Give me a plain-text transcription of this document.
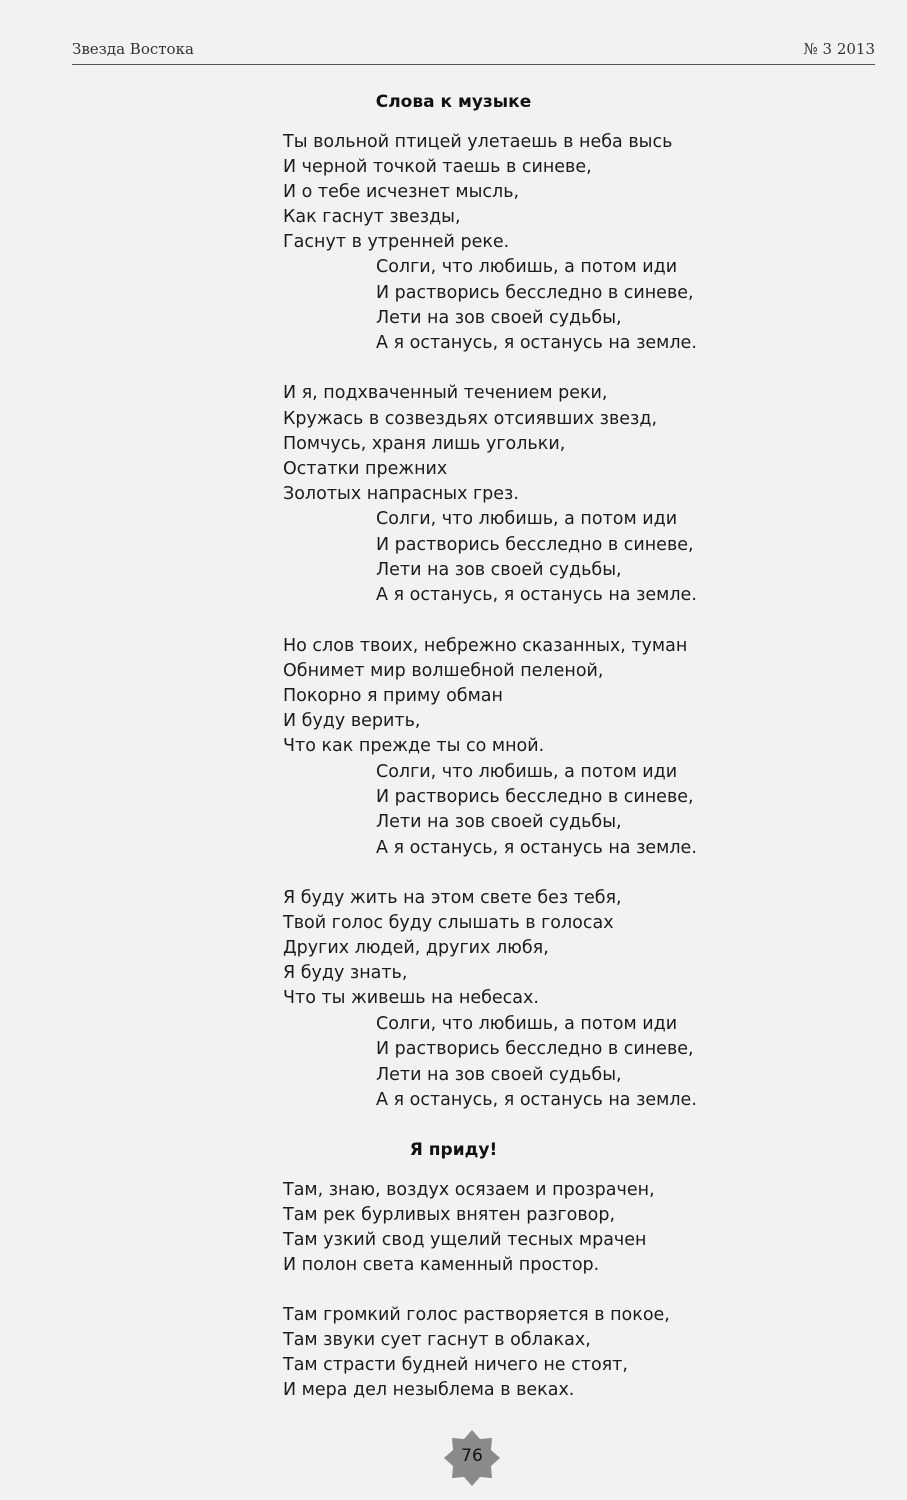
Звезда Востока	№ 3 2013
Слова к музыке
Ты вольной птицей улетаешь в неба высь
И черной точкой таешь в синеве,
И о тебе исчезнет мысль,
Как гаснут звезды,
Гаснут в утренней реке.
Солги, что любишь, а потом иди
И растворись бесследно в синеве,
Лети на зов своей судьбы,
А я останусь, я останусь на земле.
И я, подхваченный течением реки,
Кружась в созвездьях отсиявших звезд,
Помчусь, храня лишь угольки,
Остатки прежних
Золотых напрасных грез.
Солги, что любишь, а потом иди
И растворись бесследно в синеве,
Лети на зов своей судьбы,
А я останусь, я останусь на земле.
Но слов твоих, небрежно сказанных, туман
Обнимет мир волшебной пеленой,
Покорно я приму обман
И буду верить,
Что как прежде ты со мной.
Солги, что любишь, а потом иди
И растворись бесследно в синеве,
Лети на зов своей судьбы,
А я останусь, я останусь на земле.
Я буду жить на этом свете без тебя,
Твой голос буду слышать в голосах
Других людей, других любя,
Я буду знать,
Что ты живешь на небесах.
Солги, что любишь, а потом иди
И растворись бесследно в синеве,
Лети на зов своей судьбы,
А я останусь, я останусь на земле.
Я приду!
Там, знаю, воздух осязаем и прозрачен,
Там рек бурливых внятен разговор,
Там узкий свод ущелий тесных мрачен
И полон света каменный простор.
Там громкий голос растворяется в покое,
Там звуки сует гаснут в облаках,
Там страсти будней ничего не стоят,
И мера дел незыблема в веках.
76
